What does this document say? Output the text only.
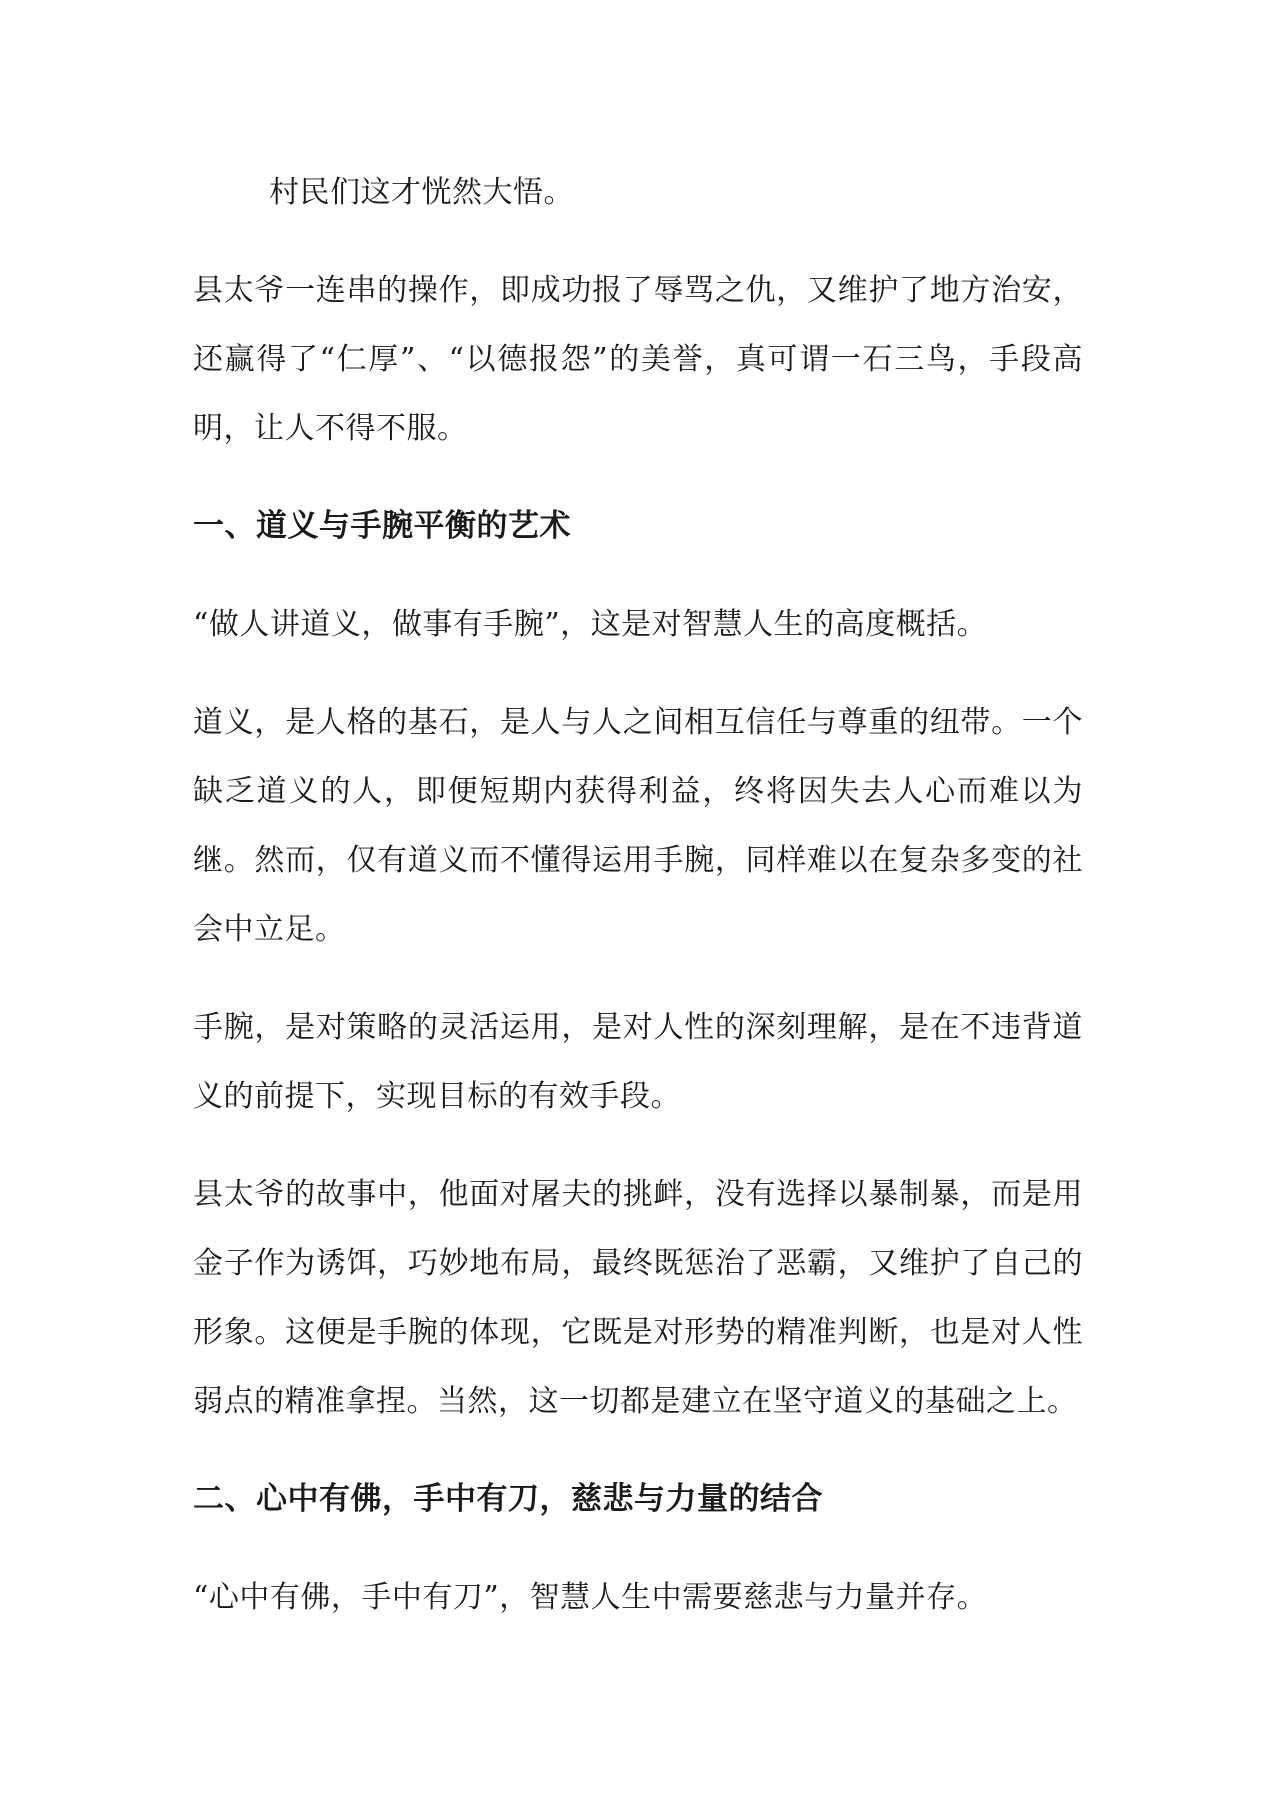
村民们这才恍然大悟。

县太爷一连串的操作，即成功报了辱骂之仇，又维护了地方治安，还赢得了“仁厚”、“以德报怨”的美誉，真可谓一石三鸟，手段高明，让人不得不服。

一、道义与手腕平衡的艺术

“做人讲道义，做事有手腕”，这是对智慧人生的高度概括。

道义，是人格的基石，是人与人之间相互信任与尊重的纽带。一个缺乏道义的人，即便短期内获得利益，终将因失去人心而难以为继。然而，仅有道义而不懂得运用手腕，同样难以在复杂多变的社会中立足。

手腕，是对策略的灵活运用，是对人性的深刻理解，是在不违背道义的前提下，实现目标的有效手段。

县太爷的故事中，他面对屠夫的挑衅，没有选择以暴制暴，而是用金子作为诱饵，巧妙地布局，最终既惩治了恶霸，又维护了自己的形象。这便是手腕的体现，它既是对形势的精准判断，也是对人性弱点的精准拿捏。当然，这一切都是建立在坚守道义的基础之上。

二、心中有佛，手中有刀，慈悲与力量的结合

“心中有佛，手中有刀”，智慧人生中需要慈悲与力量并存。
